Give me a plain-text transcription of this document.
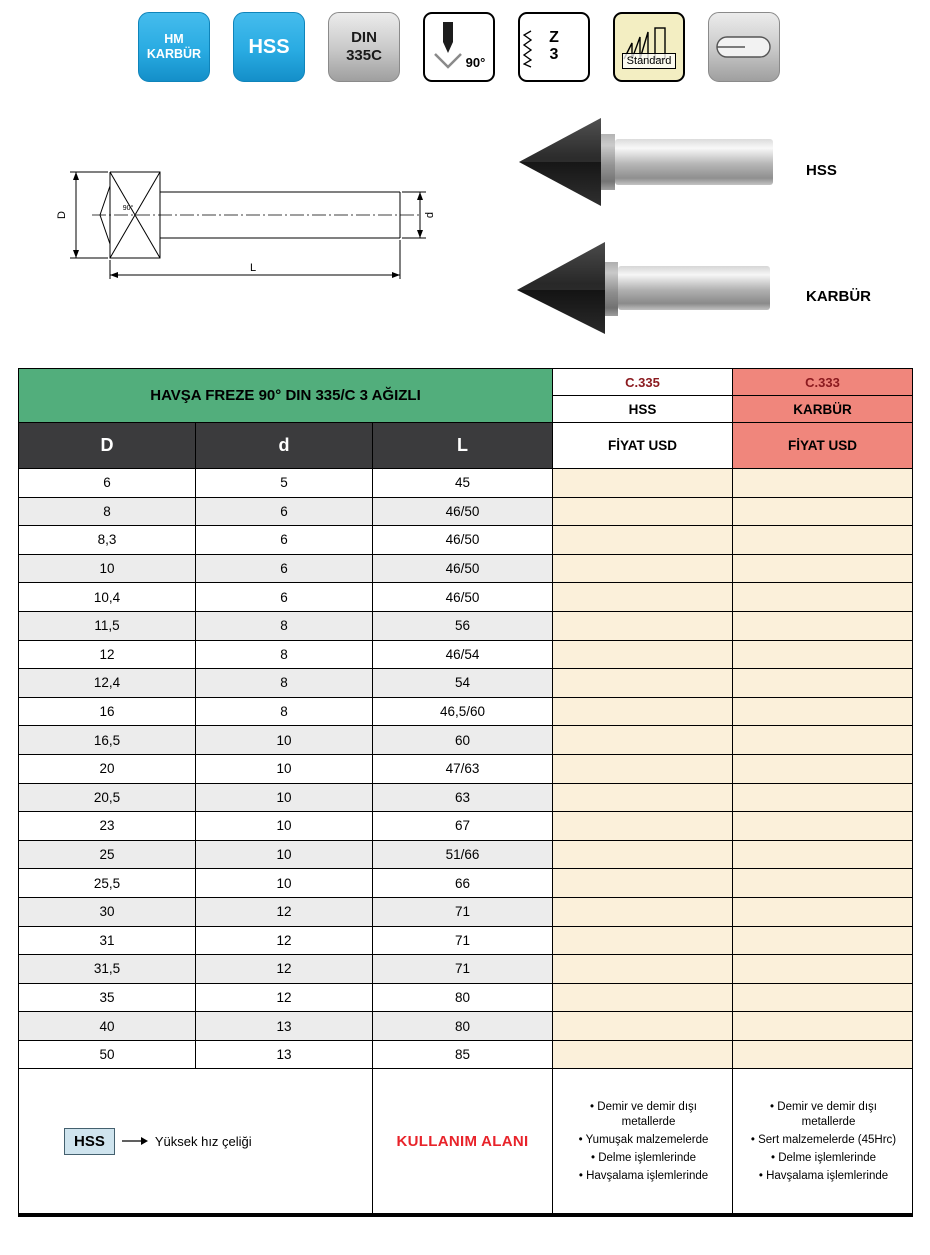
HM KARBÜR HSS	DIN 335C	90°
Z
3	Standard
D	d
L
90°
HSS
KARBÜR
HAVŞA FREZE 90° DIN 335/C 3 AĞIZLI			C.335	C.333
			HSS	KARBÜR
D	d	L	FİYAT USD	FİYAT USD
6	5	45		
8	6	46/50		
8,3	6	46/50		
10	6	46/50		
10,4	6	46/50		
11,5	8	56		
12	8	46/54		
12,4	8	54		
16	8	46,5/60		
16,5	10	60		
20	10	47/63		
20,5	10	63		
23	10	67		
25	10	51/66		
25,5	10	66		
30	12	71		
31	12	71		
31,5	12	71		
35	12	80		
40	13	80		
50	13	85		

HSS	Yüksek hız çeliği	KULLANIM ALANI	
• Demir ve demir dışı metallerde
• Yumuşak malzemelerde
• Delme işlemlerinde
• Havşalama işlemlerinde

• Demir ve demir dışı metallerde
• Sert malzemelerde (45Hrc)
• Delme işlemlerinde
• Havşalama işlemlerinde
